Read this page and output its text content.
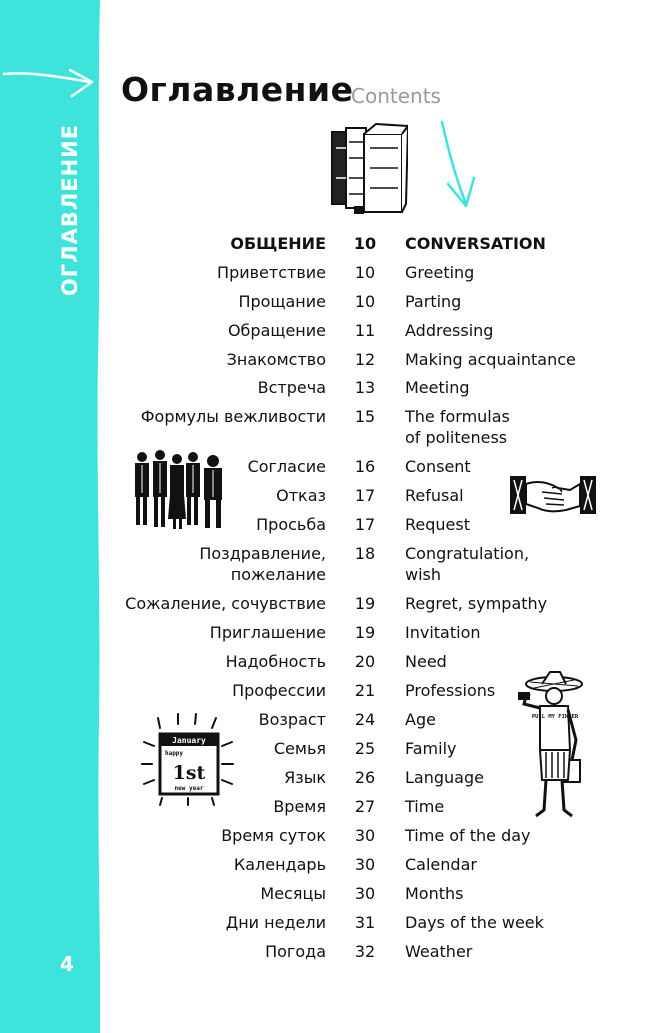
ОГЛАВЛЕНИЕ
4
Оглавление
Contents
ОБЩЕНИЕ	10	CONVERSATION
Приветствие	10	Greeting
Прощание	10	Parting
Обращение	11	Addressing
Знакомство	12	Making acquaintance
Встреча	13	Meeting
Формулы вежливости	15	The formulas
of politeness
Согласие	16	Consent
Отказ	17	Refusal
Просьба	17	Request
Поздравление,
пожелание
18	Congratulation,
wish
Сожаление, сочувствие	19	Regret, sympathy
Приглашение	19	Invitation
Надобность	20	Need
Профессии	21	Professions
Возраст	24	Age
Семья	25	Family
Язык	26	Language
Время	27	Time
Время суток	30	Time of the day
Календарь	30	Calendar
Месяцы	30	Months
Дни недели	31	Days of the week
Погода	32	Weather
January
happy
1st
new year
PULL MY FINGER
